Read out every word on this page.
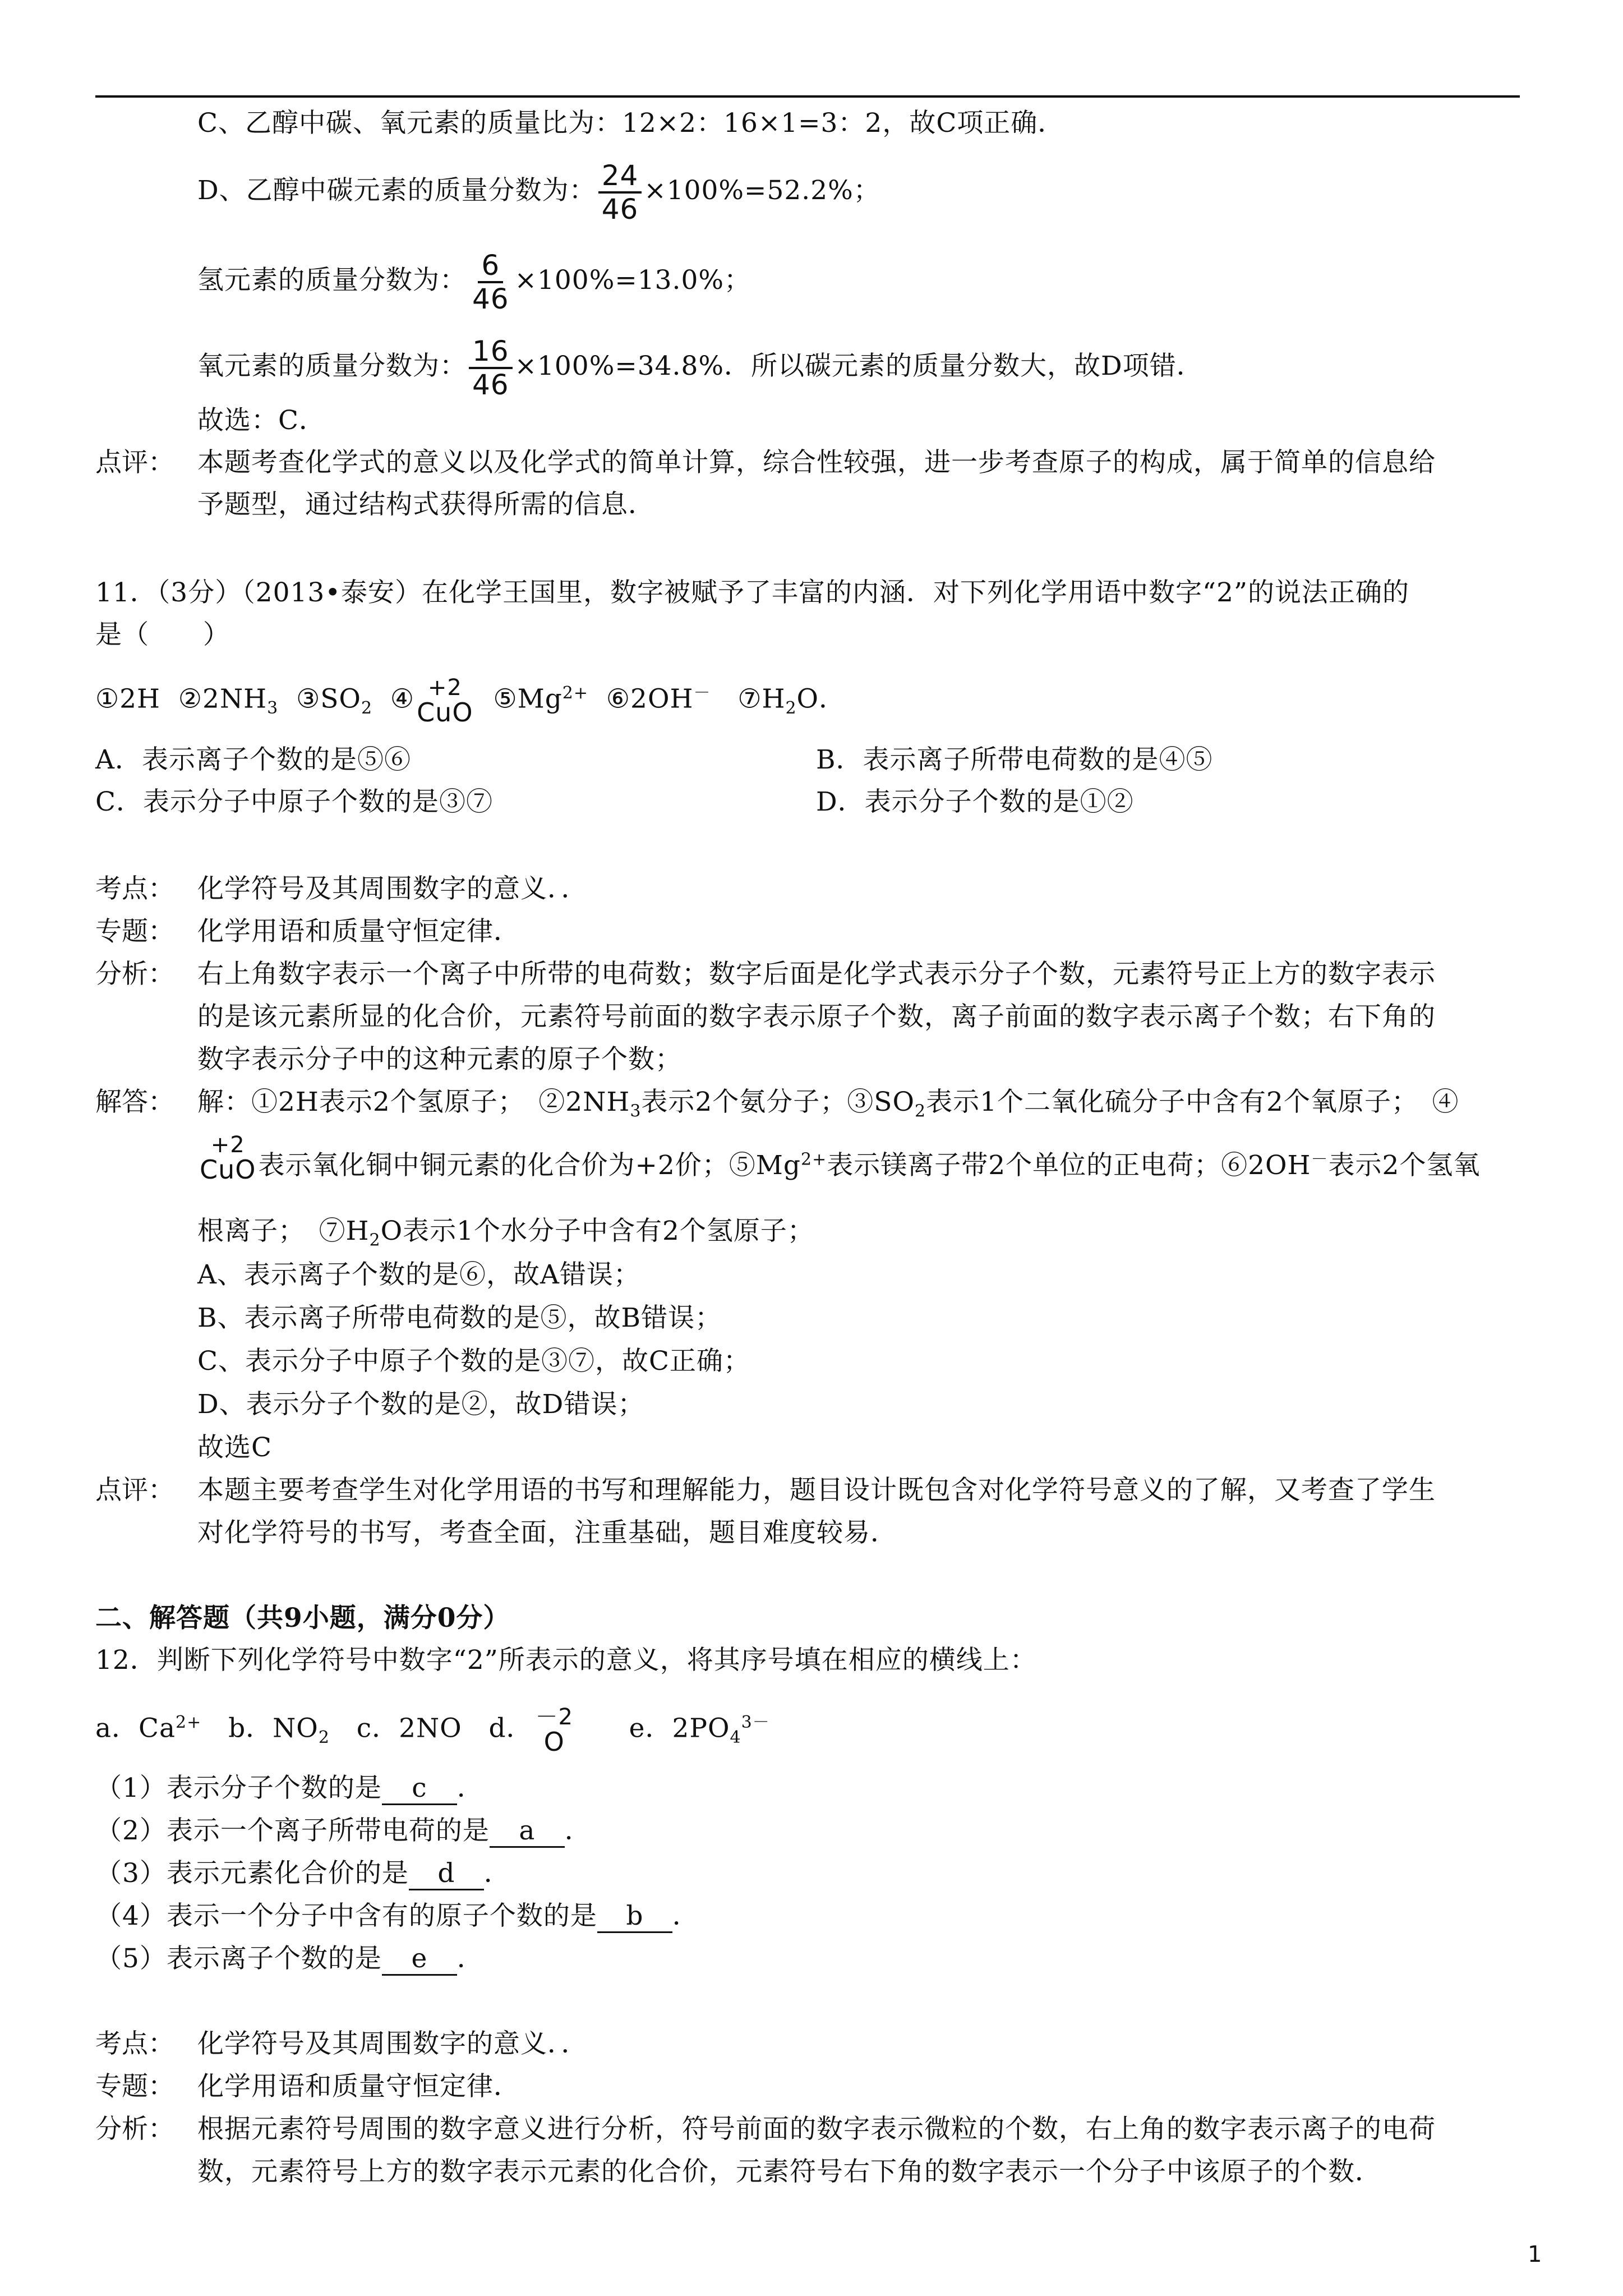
C、乙醇中碳、氧元素的质量比为：12×2：16×1=3：2，故C项正确．
D、乙醇中碳元素的质量分数为： $\frac{24}{46} \times 100\%=52.2\%$；
氢元素的质量分数为： $\frac{6}{46} \times 100\%=13.0\%$；
氧元素的质量分数为： $\frac{16}{46} \times 100\%=34.8\%$．所以碳元素的质量分数大，故D项错．
故选：C．
点评： 本题考查化学式的意义以及化学式的简单计算，综合性较强，进一步考查原子的构成，属于简单的信息给
予题型，通过结构式获得所需的信息．
11．（3分）（2013•泰安）在化学王国里，数字被赋予了丰富的内涵．对下列化学用语中数字“2”的说法正确的
是（　　）
①2H $②2NH_3$ $③SO_2$ ④ +2
CuO $⑤Mg^{2+}$ ⑥2OH－ $⑦H_2O$．
A．表示离子个数的是⑤⑥	B．表示离子所带电荷数的是④⑤
C．表示分子中原子个数的是③⑦	D．表示分子个数的是①②
考点： 化学符号及其周围数字的意义．．
专题： 化学用语和质量守恒定律．
分析： 右上角数字表示一个离子中所带的电荷数；数字后面是化学式表示分子个数，元素符号正上方的数字表示
的是该元素所显的化合价，元素符号前面的数字表示原子个数，离子前面的数字表示离子个数；右下角的
数字表示分子中的这种元素的原子个数；
解答： 解：①2H表示2个氢原子；　$②2NH_3$表示2个氨分子；$③SO_2$表示1个二氧化硫分子中含有2个氧原子；　④
+2
CuO 表示氧化铜中铜元素的化合价为+2价；$⑤Mg^{2+}$表示镁离子带2个单位的正电荷；⑥2OH－表示2个氢氧
根离子；　$⑦H_2O$表示1个水分子中含有2个氢原子；
A、表示离子个数的是⑥，故A错误；
B、表示离子所带电荷数的是⑤，故B错误；
C、表示分子中原子个数的是③⑦，故C正确；
D、表示分子个数的是②，故D错误；
故选C
点评： 本题主要考查学生对化学用语的书写和理解能力，题目设计既包含对化学符号意义的了解，又考查了学生
对化学符号的书写，考查全面，注重基础，题目难度较易．
二、解答题（共9小题，满分0分）
12．判断下列化学符号中数字“2”所表示的意义，将其序号填在相应的横线上：
a．$Ca^{2+}$ b．$NO_2$ c．2NO d． －2
O e．$2PO_4^{3-}$
（1）表示分子个数的是 c ．
（2）表示一个离子所带电荷的是 a ．
（3）表示元素化合价的是 d ．
（4）表示一个分子中含有的原子个数的是 b ．
（5）表示离子个数的是 e ．
考点： 化学符号及其周围数字的意义．．
专题： 化学用语和质量守恒定律．
分析： 根据元素符号周围的数字意义进行分析，符号前面的数字表示微粒的个数，右上角的数字表示离子的电荷
数，元素符号上方的数字表示元素的化合价，元素符号右下角的数字表示一个分子中该原子的个数．
1
